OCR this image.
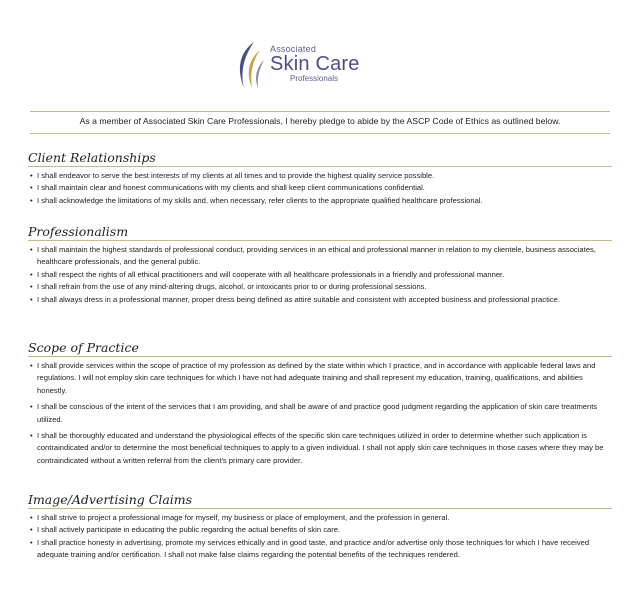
Associated
Skin Care
Professionals
As a member of Associated Skin Care Professionals, I hereby pledge to abide by the ASCP Code of Ethics as outlined below.
Client Relationships
• I shall endeavor to serve the best interests of my clients at all times and to provide the highest quality service possible.
• I shall maintain clear and honest communications with my clients and shall keep client communications confidential.
• I shall acknowledge the limitations of my skills and, when necessary, refer clients to the appropriate qualified healthcare professional.
Professionalism
• I shall maintain the highest standards of professional conduct, providing services in an ethical and professional manner in relation to my clientele, business associates, healthcare professionals, and the general public.
• I shall respect the rights of all ethical practitioners and will cooperate with all healthcare professionals in a friendly and professional manner.
• I shall refrain from the use of any mind-altering drugs, alcohol, or intoxicants prior to or during professional sessions.
• I shall always dress in a professional manner, proper dress being defined as attire suitable and consistent with accepted business and professional practice.
Scope of Practice
• I shall provide services within the scope of practice of my profession as defined by the state within which I practice, and in accordance with applicable federal laws and regulations. I will not employ skin care techniques for which I have not had adequate training and shall represent my education, training, qualifications, and abilities honestly.
• I shall be conscious of the intent of the services that I am providing, and shall be aware of and practice good judgment regarding the application of skin care treatments utilized.
• I shall be thoroughly educated and understand the physiological effects of the specific skin care techniques utilized in order to determine whether such application is contraindicated and/or to determine the most beneficial techniques to apply to a given individual. I shall not apply skin care techniques in those cases where they may be contraindicated without a written referral from the client's primary care provider.
Image/Advertising Claims
• I shall strive to project a professional image for myself, my business or place of employment, and the profession in general.
• I shall actively participate in educating the public regarding the actual benefits of skin care.
• I shall practice honesty in advertising, promote my services ethically and in good taste, and practice and/or advertise only those techniques for which I have received adequate training and/or certification. I shall not make false claims regarding the potential benefits of the techniques rendered.
